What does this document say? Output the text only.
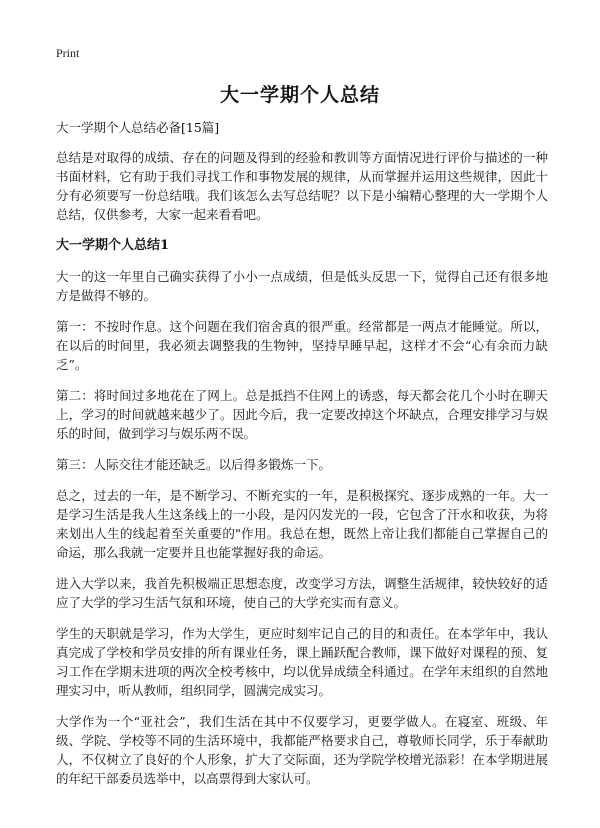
Print
大一学期个人总结

大一学期个人总结必备[15篇]

总结是对取得的成绩、存在的问题及得到的经验和教训等方面情况进行评价与描述的一种书面材料，它有助于我们寻找工作和事物发展的规律，从而掌握并运用这些规律，因此十分有必须要写一份总结哦。我们该怎么去写总结呢？以下是小编精心整理的大一学期个人总结，仅供参考，大家一起来看看吧。

大一学期个人总结1

大一的这一年里自己确实获得了小小一点成绩，但是低头反思一下，觉得自己还有很多地方是做得不够的。

第一：不按时作息。这个问题在我们宿舍真的很严重。经常都是一两点才能睡觉。所以，在以后的时间里，我必须去调整我的生物钟，坚持早睡早起，这样才不会“心有余而力缺乏”。

第二：将时间过多地花在了网上。总是抵挡不住网上的诱惑，每天都会花几个小时在聊天上，学习的时间就越来越少了。因此今后，我一定要改掉这个坏缺点，合理安排学习与娱乐的时间，做到学习与娱乐两不误。

第三：人际交往才能还缺乏。以后得多锻炼一下。

总之，过去的一年，是不断学习、不断充实的一年，是积极探究、逐步成熟的一年。大一是学习生活是我人生这条线上的一小段，是闪闪发光的一段，它包含了汗水和收获，为将来划出人生的线起着至关重要的"作用。我总在想，既然上帝让我们都能自己掌握自己的命运，那么我就一定要并且也能掌握好我的命运。

进入大学以来，我首先积极端正思想态度，改变学习方法，调整生活规律，较快较好的适应了大学的学习生活气氛和环境，使自己的大学充实而有意义。

学生的天职就是学习，作为大学生，更应时刻牢记自己的目的和责任。在本学年中，我认真完成了学校和学员安排的所有课业任务，课上踊跃配合教师，课下做好对课程的预、复习工作在学期末进项的两次全校考核中，均以优异成绩全科通过。在学年末组织的自然地理实习中，听从教师，组织同学，圆满完成实习。

大学作为一个“亚社会”，我们生活在其中不仅要学习，更要学做人。在寝室、班级、年级、学院、学校等不同的生活环境中，我都能严格要求自己，尊敬师长同学，乐于奉献助人，不仅树立了良好的个人形象，扩大了交际面，还为学院学校增光添彩！在本学期进展的年纪干部委员选举中，以高票得到大家认可。
